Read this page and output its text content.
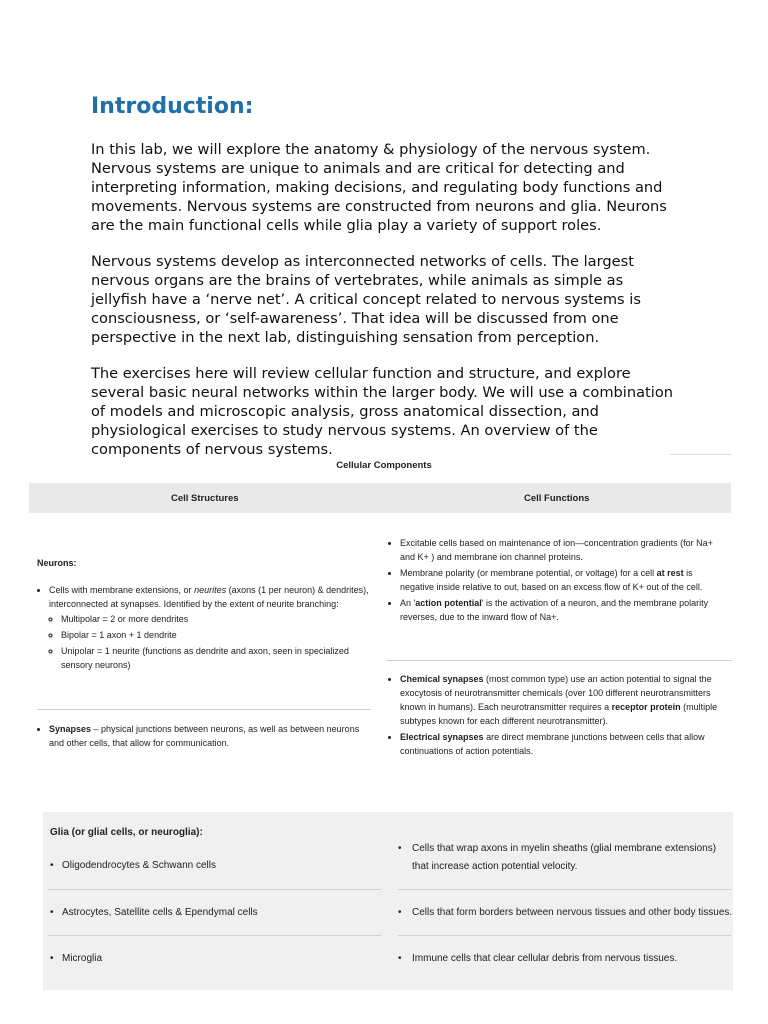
Introduction:

In this lab, we will explore the anatomy & physiology of the nervous system. Nervous systems are unique to animals and are critical for detecting and interpreting information, making decisions, and regulating body functions and movements. Nervous systems are constructed from neurons and glia. Neurons are the main functional cells while glia play a variety of support roles.

Nervous systems develop as interconnected networks of cells. The largest nervous organs are the brains of vertebrates, while animals as simple as jellyfish have a ‘nerve net’. A critical concept related to nervous systems is consciousness, or ‘self-awareness’. That idea will be discussed from one perspective in the next lab, distinguishing sensation from perception.

The exercises here will review cellular function and structure, and explore several basic neural networks within the larger body. We will use a combination of models and microscopic analysis, gross anatomical dissection, and physiological exercises to study nervous systems. An overview of the components of nervous systems.

Cellular Components
Cell Structures	Cell Functions
Neurons:
• Cells with membrane extensions, or neurites (axons (1 per neuron) & dendrites), interconnected at synapses. Identified by the extent of neurite branching:
◦ Multipolar = 2 or more dendrites
◦ Bipolar = 1 axon + 1 dendrite
◦ Unipolar = 1 neurite (functions as dendrite and axon, seen in specialized sensory neurons)
• Synapses – physical junctions between neurons, as well as between neurons and other cells, that allow for communication.
• Excitable cells based on maintenance of ion—concentration gradients (for Na+ and K+ ) and membrane ion channel proteins.
• Membrane polarity (or membrane potential, or voltage) for a cell at rest is negative inside relative to out, based on an excess flow of K+ out of the cell.
• An 'action potential' is the activation of a neuron, and the membrane polarity reverses, due to the inward flow of Na+.
• Chemical synapses (most common type) use an action potential to signal the exocytosis of neurotransmitter chemicals (over 100 different neurotransmitters known in humans). Each neurotransmitter requires a receptor protein (multiple subtypes known for each different neurotransmitter).
• Electrical synapses are direct membrane junctions between cells that allow continuations of action potentials.
Glia (or glial cells, or neuroglia):
• Oligodendrocytes & Schwann cells
• Astrocytes, Satellite cells & Ependymal cells
• Microglia
•	Cells that wrap axons in myelin sheaths (glial membrane extensions) that increase action potential velocity.
• Cells that form borders between nervous tissues and other body tissues.
• Immune cells that clear cellular debris from nervous tissues.
